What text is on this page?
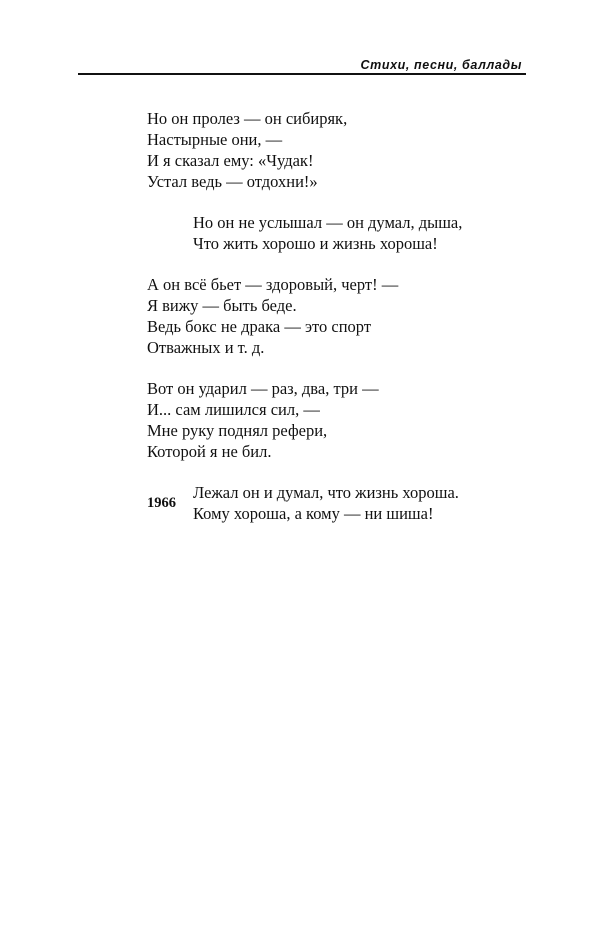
Стихи, песни, баллады
Но он пролез — он сибиряк,
Настырные они, —
И я сказал ему: «Чудак!
Устал ведь — отдохни!»
Но он не услышал — он думал, дыша,
Что жить хорошо и жизнь хороша!
А он всё бьет — здоровый, черт! —
Я вижу — быть беде.
Ведь бокс не драка — это спорт
Отважных и т. д.
Вот он ударил — раз, два, три —
И... сам лишился сил, —
Мне руку поднял рефери,
Которой я не бил.
Лежал он и думал, что жизнь хороша.
Кому хороша, а кому — ни шиша!
1966
